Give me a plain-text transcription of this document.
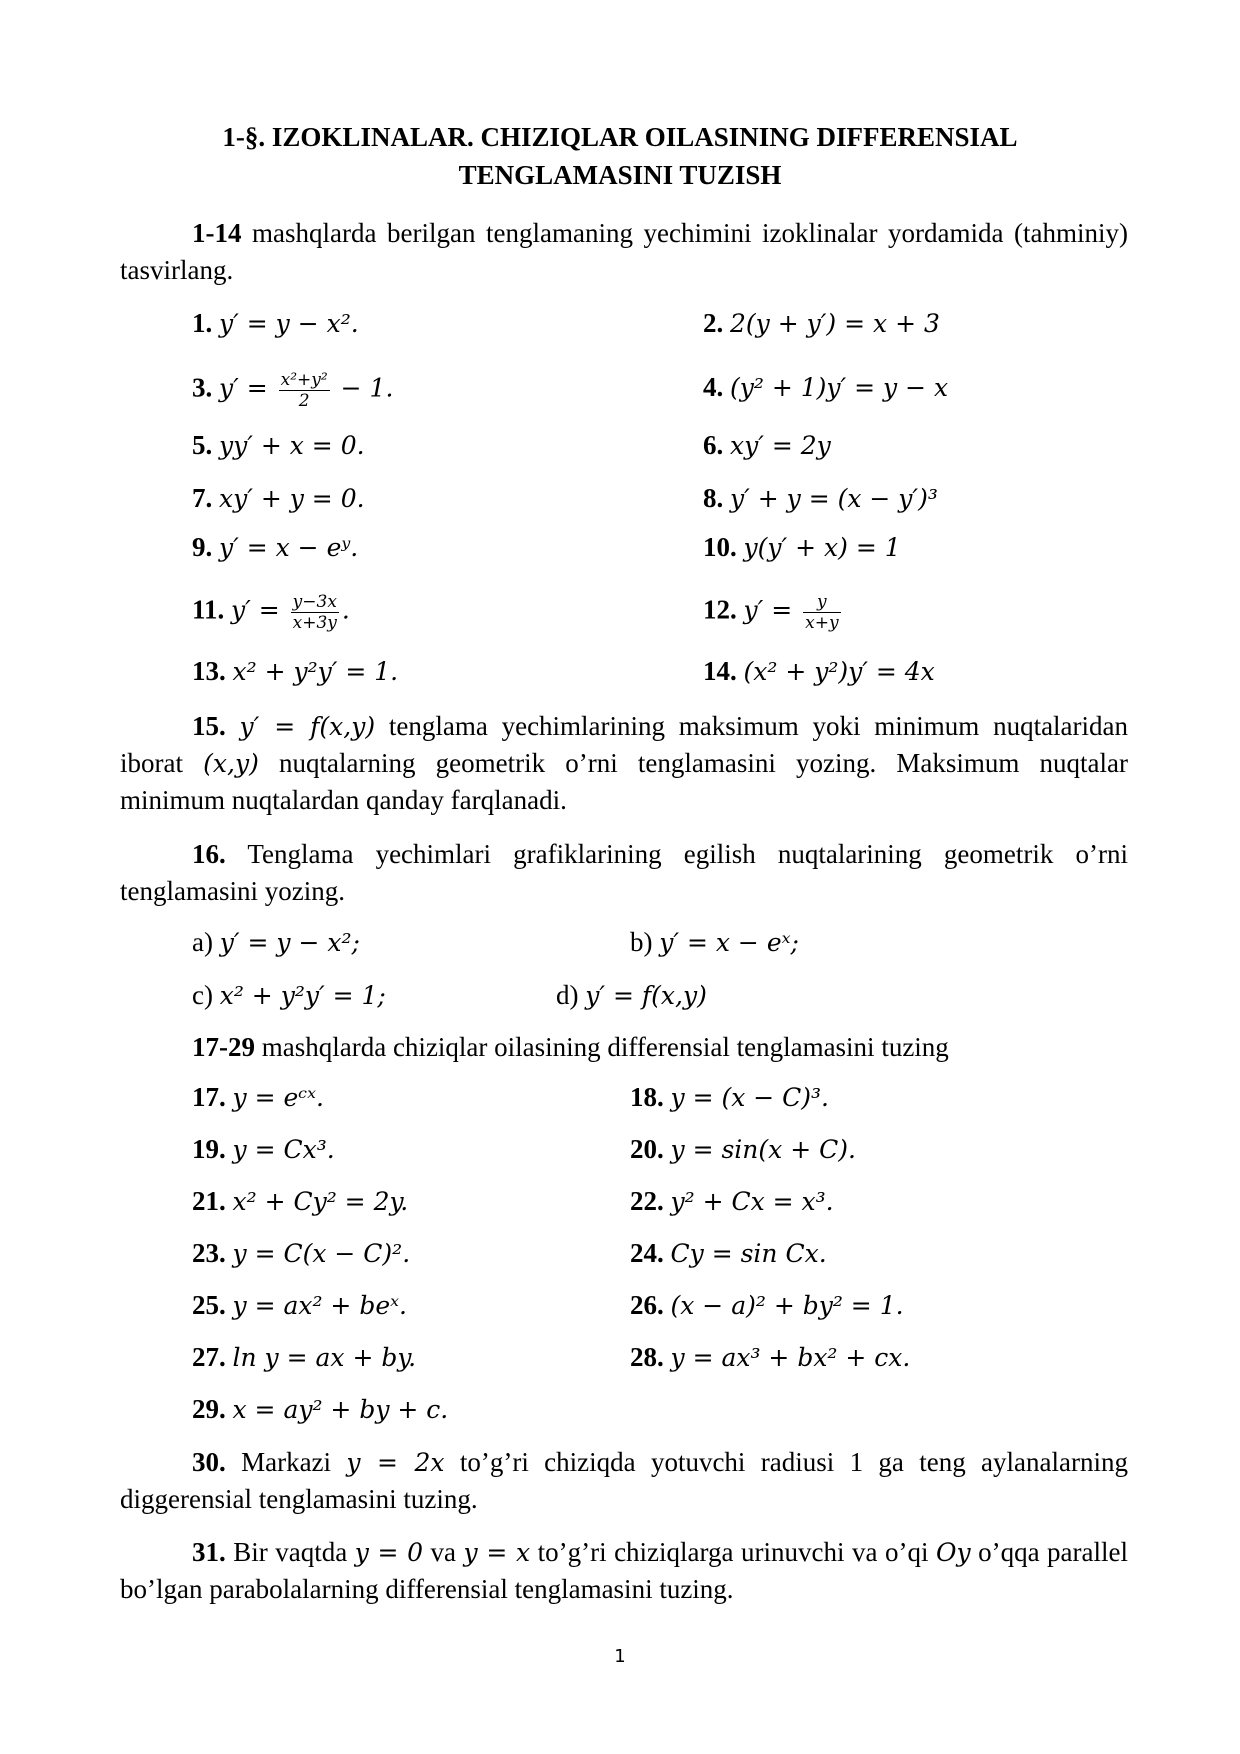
1-§. IZOKLINALAR. CHIZIQLAR OILASINING DIFFERENSIAL
TENGLAMASINI TUZISH
1-14 mashqlarda berilgan tenglamaning yechimini izoklinalar yordamida (tahminiy) tasvirlang.
1. y′ = y − x².	2. 2(y + y′) = x + 3
3. $y' = \frac{\text{x²+y²}}{2} - 1$.	4. (y² + 1)y′ = y − x
5. yy′ + x = 0.	6. xy′ = 2y
7. xy′ + y = 0.	8. y′ + y = (x − y′)³
9. y′ = x − eʸ.	10. y(y′ + x) = 1
11. $y' = \frac{y-3x}{x+3y}$ .	12. $y' = \frac{y}{x+y}$
13. x² + y²y′ = 1.	14. (x² + y²)y′ = 4x
15. y′ = f(x,y) tenglama yechimlarining maksimum yoki minimum nuqtalaridan iborat (x,y) nuqtalarning geometrik o’rni tenglamasini yozing. Maksimum nuqtalar minimum nuqtalardan qanday farqlanadi.
16. Tenglama yechimlari grafiklarining egilish nuqtalarining geometrik o’rni tenglamasini yozing.
a) y′ = y − x²;	b) y′ = x − eˣ;
c) x² + y²y′ = 1;	d) y′ = f(x,y)
17-29 mashqlarda chiziqlar oilasining differensial tenglamasini tuzing
17. y = eᶜˣ.	18. y = (x − C)³.
19. y = Cx³.	20. y = sin(x + C).
21. x² + Cy² = 2y.	22. y² + Cx = x³.
23. y = C(x − C)².	24. Cy = sin Cx.
25. y = ax² + beˣ.	26. (x − a)² + by² = 1.
27. ln y = ax + by.	28. y = ax³ + bx² + cx.
29. x = ay² + by + c.
30. Markazi y = 2x to’g’ri chiziqda yotuvchi radiusi 1 ga teng aylanalarning diggerensial tenglamasini tuzing.
31. Bir vaqtda y = 0 va y = x to’g’ri chiziqlarga urinuvchi va o’qi Oy o’qqa parallel bo’lgan parabolalarning differensial tenglamasini tuzing.
1
